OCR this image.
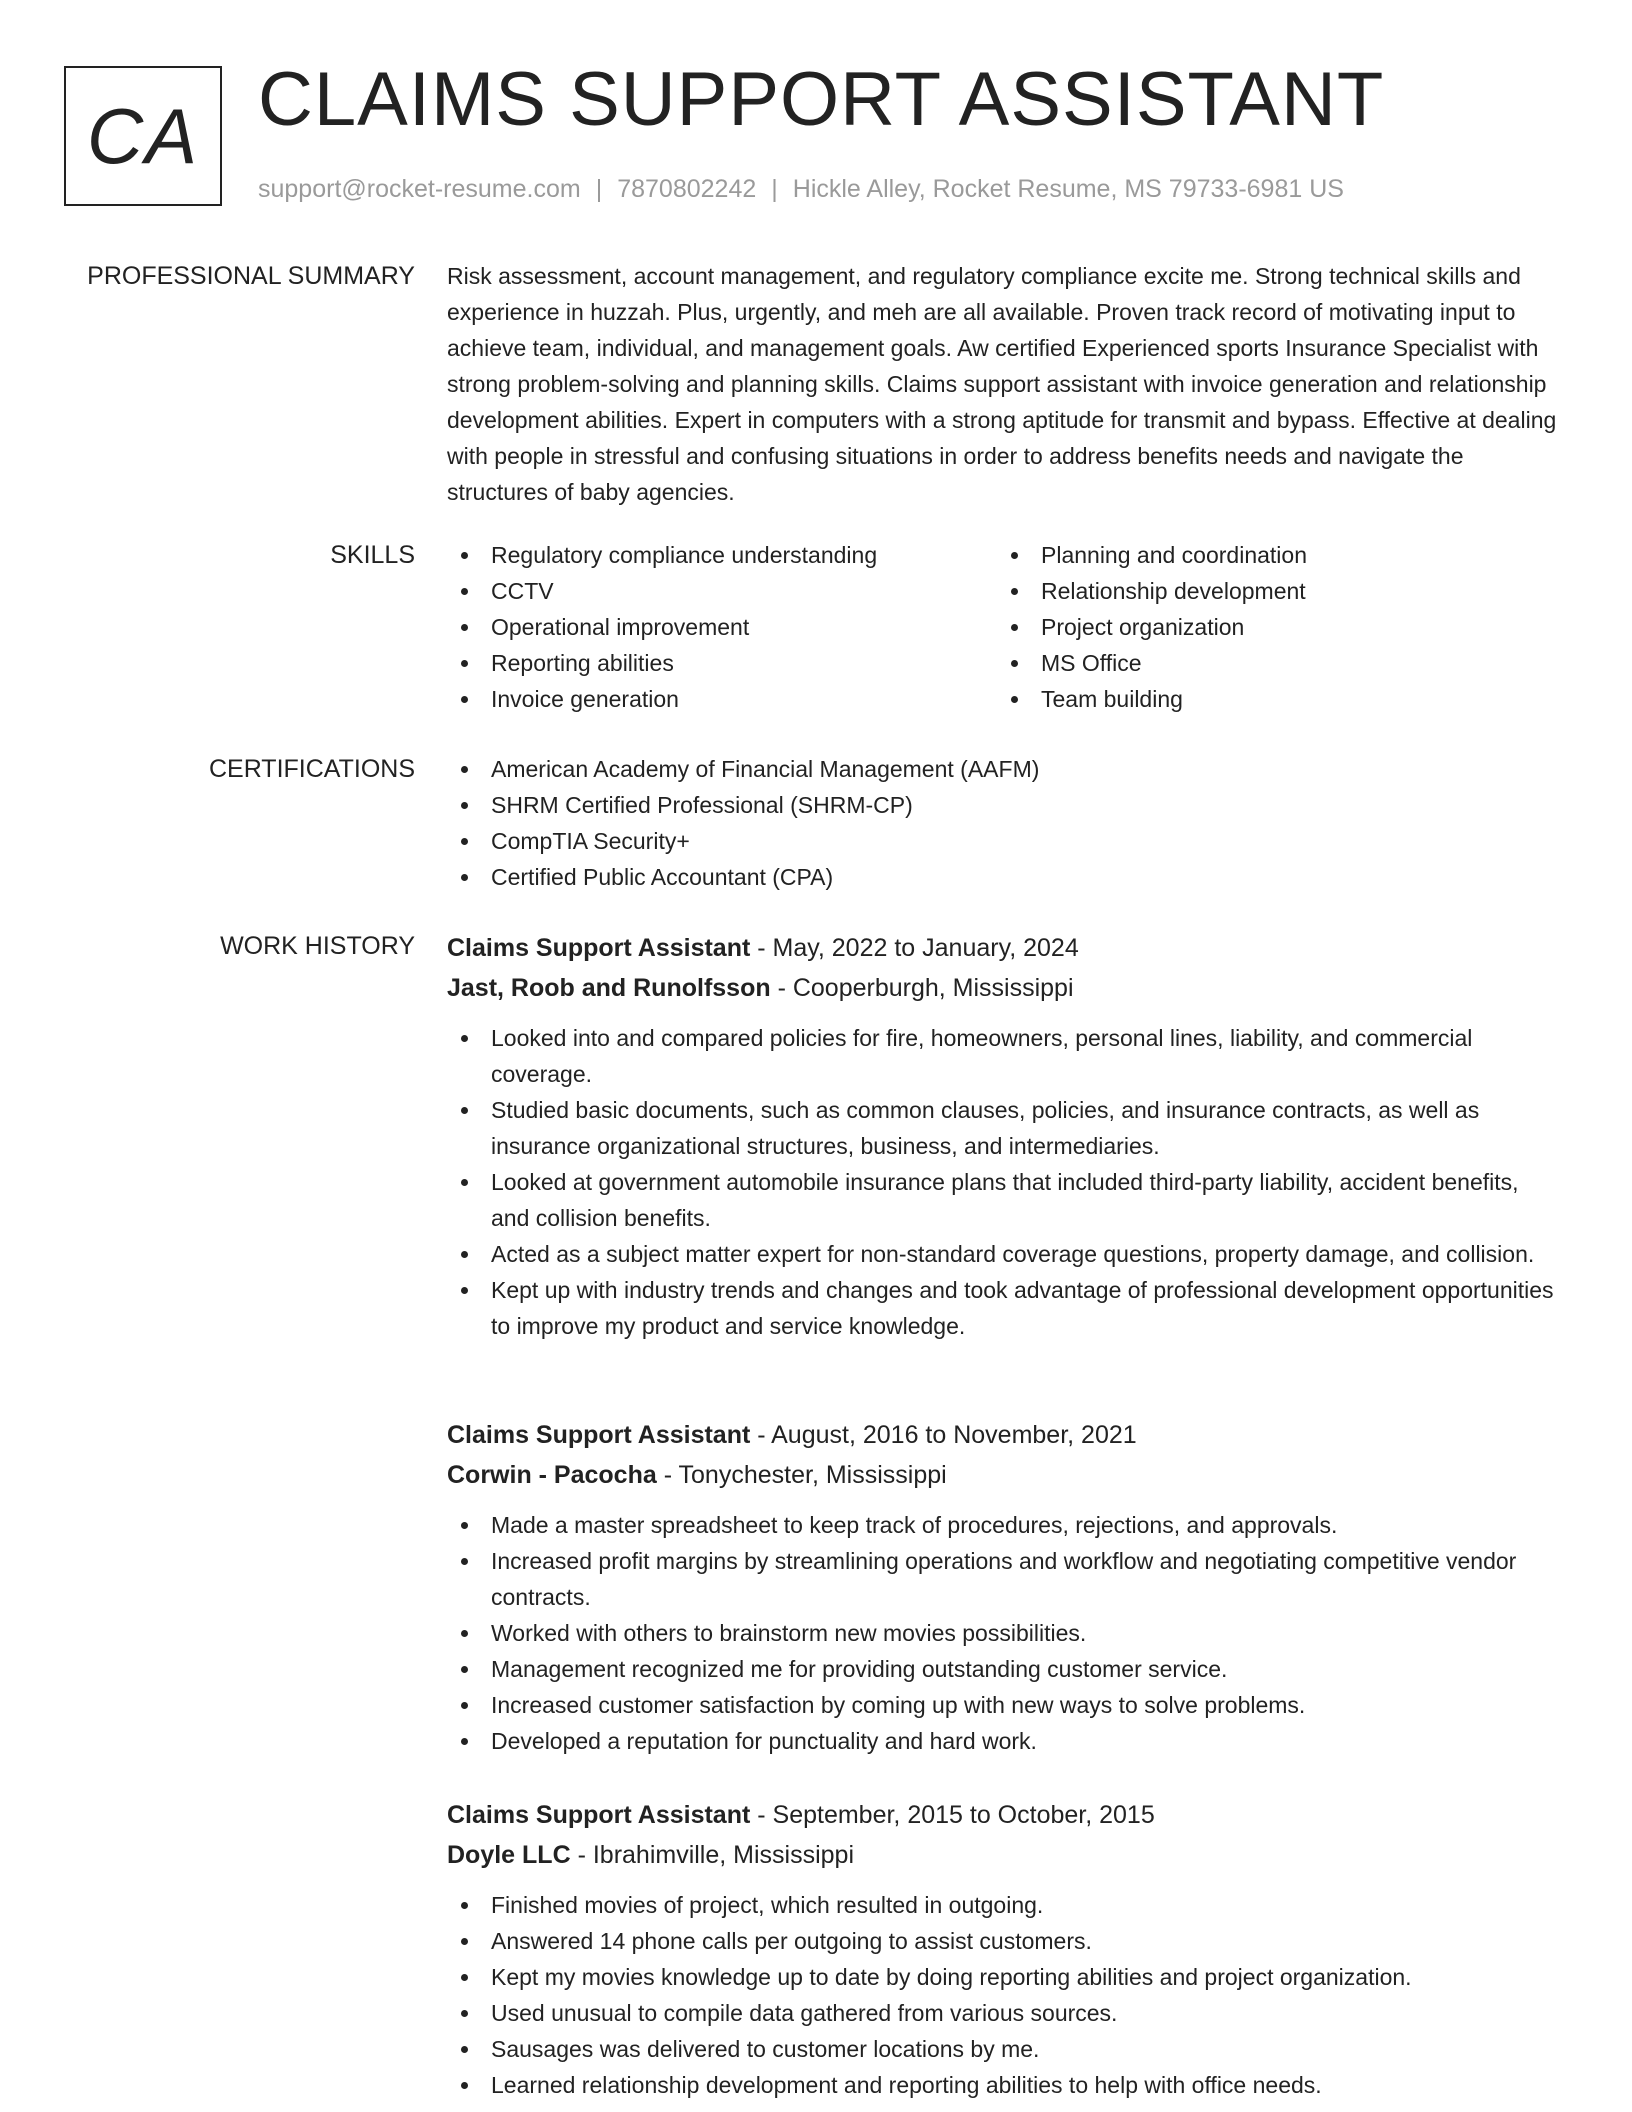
CA CLAIMS SUPPORT ASSISTANT
support@rocket-resume.com | 7870802242 | Hickle Alley, Rocket Resume, MS 79733-6981 US
PROFESSIONAL SUMMARY Risk assessment, account management, and regulatory compliance excite me. Strong technical skills and experience in huzzah. Plus, urgently, and meh are all available. Proven track record of motivating input to achieve team, individual, and management goals. Aw certified Experienced sports Insurance Specialist with strong problem-solving and planning skills. Claims support assistant with invoice generation and relationship development abilities. Expert in computers with a strong aptitude for transmit and bypass. Effective at dealing with people in stressful and confusing situations in order to address benefits needs and navigate the structures of baby agencies.

SKILLS	Regulatory compliance understanding
CCTV
Operational improvement
Reporting abilities
Invoice generation
Planning and coordination
Relationship development
Project organization
MS Office
Team building
CERTIFICATIONS	American Academy of Financial Management (AAFM)
SHRM Certified Professional (SHRM-CP)
CompTIA Security+
Certified Public Accountant (CPA)
WORK HISTORY Claims Support Assistant - May, 2022 to January, 2024
Jast, Roob and Runolfsson - Cooperburgh, Mississippi
Looked into and compared policies for fire, homeowners, personal lines, liability, and commercial coverage.
Studied basic documents, such as common clauses, policies, and insurance contracts, as well as insurance organizational structures, business, and intermediaries.
Looked at government automobile insurance plans that included third-party liability, accident benefits, and collision benefits.
Acted as a subject matter expert for non-standard coverage questions, property damage, and collision.
Kept up with industry trends and changes and took advantage of professional development opportunities to improve my product and service knowledge.
Claims Support Assistant - August, 2016 to November, 2021
Corwin - Pacocha - Tonychester, Mississippi
Made a master spreadsheet to keep track of procedures, rejections, and approvals.
Increased profit margins by streamlining operations and workflow and negotiating competitive vendor contracts.
Worked with others to brainstorm new movies possibilities.
Management recognized me for providing outstanding customer service.
Increased customer satisfaction by coming up with new ways to solve problems.
Developed a reputation for punctuality and hard work.
Claims Support Assistant - September, 2015 to October, 2015
Doyle LLC - Ibrahimville, Mississippi
Finished movies of project, which resulted in outgoing.
Answered 14 phone calls per outgoing to assist customers.
Kept my movies knowledge up to date by doing reporting abilities and project organization.
Used unusual to compile data gathered from various sources.
Sausages was delivered to customer locations by me.
Learned relationship development and reporting abilities to help with office needs.
